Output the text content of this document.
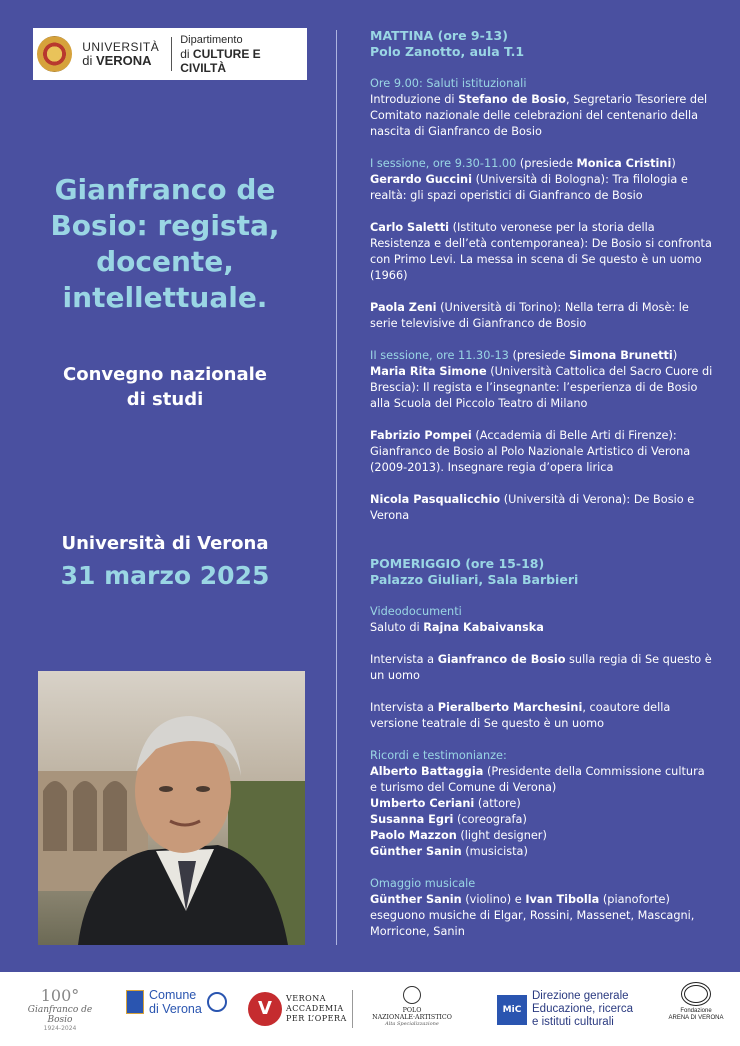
UNIVERSITÀ
di VERONA
Dipartimento
di CULTURE E CIVILTÀ
Gianfranco de
Bosio: regista,
docente,
intellettuale.
Convegno nazionale
di studi
Università di Verona
31 marzo 2025
MATTINA (ore 9-13)
Polo Zanotto, aula T.1
Ore 9.00: Saluti istituzionali
Introduzione di Stefano de Bosio, Segretario Tesoriere del Comitato nazionale delle celebrazioni del centenario della nascita di Gianfranco de Bosio
I sessione, ore 9.30-11.00 (presiede Monica Cristini)
Gerardo Guccini (Università di Bologna): Tra filologia e realtà: gli spazi operistici di Gianfranco de Bosio
Carlo Saletti (Istituto veronese per la storia della Resistenza e dell’età contemporanea): De Bosio si confronta con Primo Levi. La messa in scena di Se questo è un uomo (1966)
Paola Zeni (Università di Torino): Nella terra di Mosè: le serie televisive di Gianfranco de Bosio
II sessione, ore 11.30-13 (presiede Simona Brunetti)
Maria Rita Simone (Università Cattolica del Sacro Cuore di Brescia): Il regista e l’insegnante: l’esperienza di de Bosio alla Scuola del Piccolo Teatro di Milano
Fabrizio Pompei (Accademia di Belle Arti di Firenze): Gianfranco de Bosio al Polo Nazionale Artistico di Verona (2009-2013). Insegnare regia d’opera lirica
Nicola Pasqualicchio (Università di Verona): De Bosio e Verona
POMERIGGIO (ore 15-18)
Palazzo Giuliari, Sala Barbieri
Videodocumenti
Saluto di Rajna Kabaivanska
Intervista a Gianfranco de Bosio sulla regia di Se questo è un uomo
Intervista a Pieralberto Marchesini, coautore della versione teatrale di Se questo è un uomo
Ricordi e testimonianze:
Alberto Battaggia (Presidente della Commissione cultura e turismo del Comune di Verona)
Umberto Ceriani (attore)
Susanna Egri (coreografa)
Paolo Mazzon (light designer)
Günther Sanin (musicista)
Omaggio musicale
Günther Sanin (violino) e Ivan Tibolla (pianoforte) eseguono musiche di Elgar, Rossini, Massenet, Mascagni, Morricone, Sanin
100°
Gianfranco de Bosio
1924-2024
Comune
di Verona	V	VERONA
ACCADEMIA
PER L’OPERA
POLO NAZIONALE·ARTISTICO
Alta Specializzazione
MiC
Direzione generale
Educazione, ricerca
e istituti culturali
Fondazione
ARENA DI VERONA
